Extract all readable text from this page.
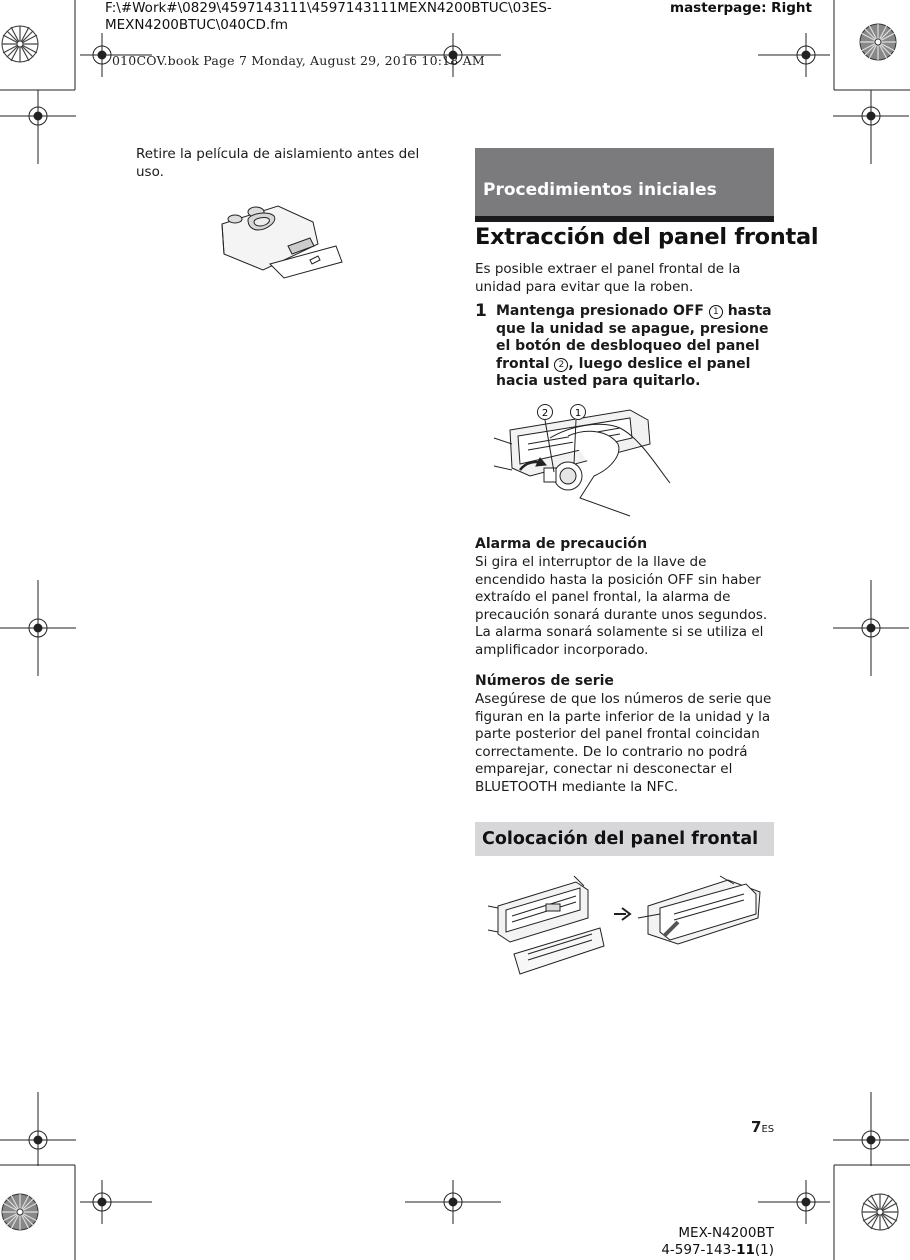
F:\#Work#\0829\4597143111\4597143111MEXN4200BTUC\03ES-MEXN4200BTUC\040CD.fm
masterpage: Right
010COV.book Page 7 Monday, August 29, 2016 10:18 AM
Retire la película de aislamiento antes del uso.
Procedimientos iniciales
Extracción del panel frontal
Es posible extraer el panel frontal de la unidad para evitar que la roben.
1 Mantenga presionado OFF 1 hasta que la unidad se apague, presione el botón de desbloqueo del panel frontal 2 , luego deslice el panel hacia usted para quitarlo.
2	1
Alarma de precaución
Si gira el interruptor de la llave de encendido hasta la posición OFF sin haber extraído el panel frontal, la alarma de precaución sonará durante unos segundos. La alarma sonará solamente si se utiliza el amplificador incorporado.
Números de serie
Asegúrese de que los números de serie que figuran en la parte inferior de la unidad y la parte posterior del panel frontal coincidan correctamente. De lo contrario no podrá emparejar, conectar ni desconectar el BLUETOOTH mediante la NFC.
Colocación del panel frontal
7ES
MEX-N4200BT
4-597-143-11(1)
